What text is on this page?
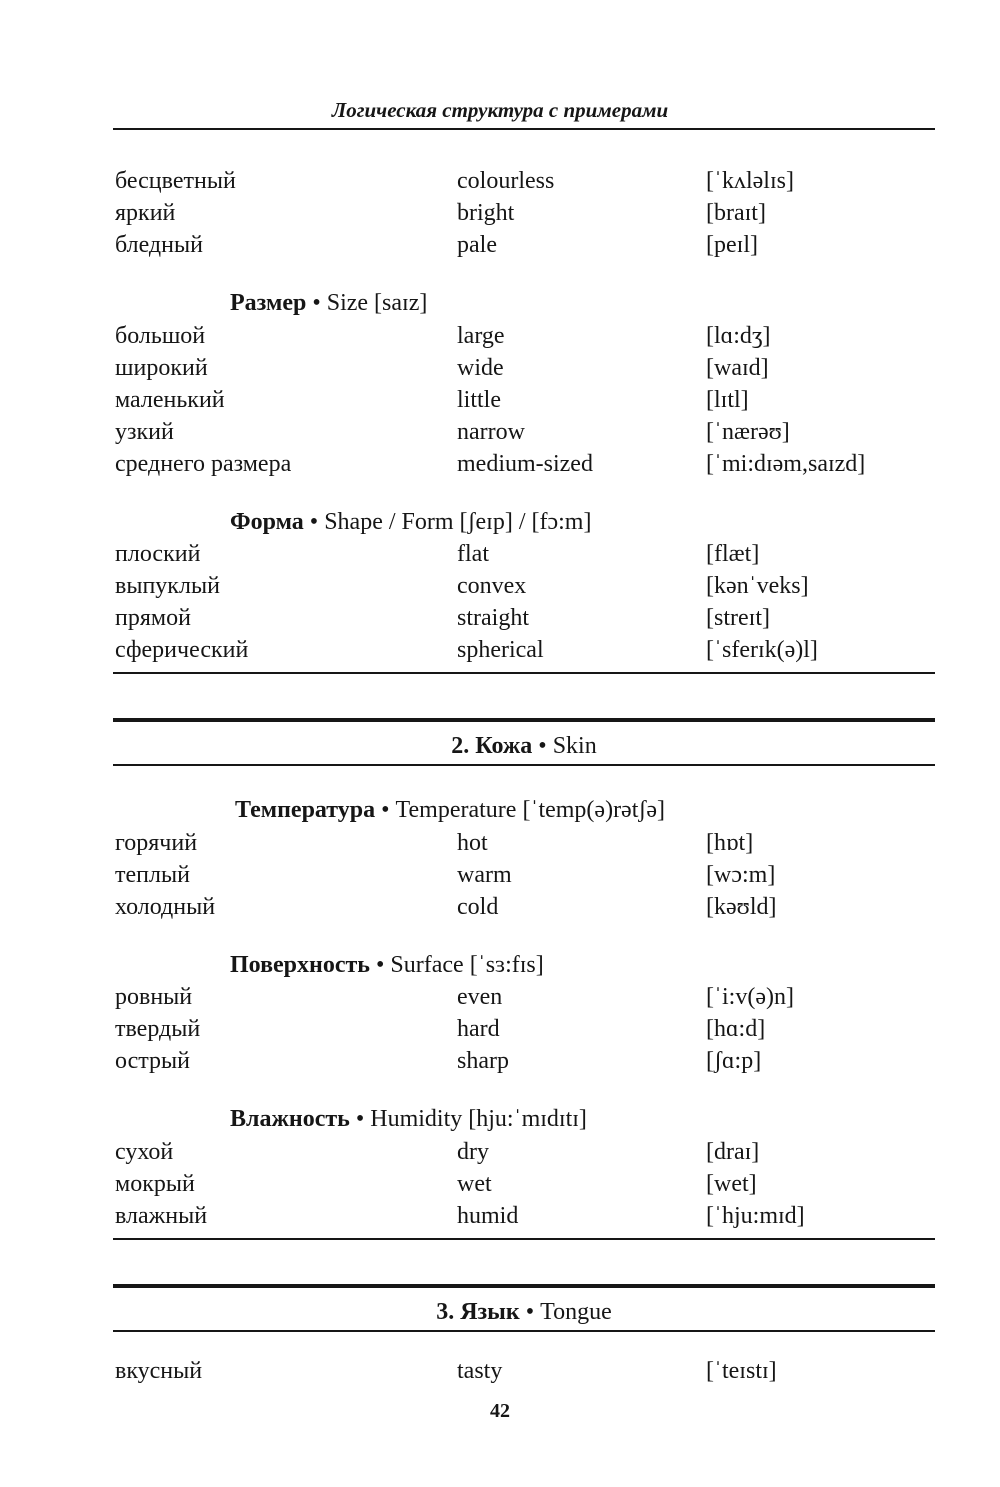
Логическая структура с примерами
бесцветный	colourless	[ˈkʌləlɪs]
яркий	bright	[braɪt]
бледный	pale	[peɪl]
Размер • Size [saɪz]
большой	large	[lɑ:dʒ]
широкий	wide	[waɪd]
маленький	little	[lɪtl]
узкий	narrow	[ˈnærəʊ]
среднего размера	medium-sized	[ˈmi:dɪəm,saɪzd]
Форма • Shape / Form [ʃeɪp] / [fɔ:m]
плоский	flat	[flæt]
выпуклый	convex	[kənˈveks]
прямой	straight	[streɪt]
сферический	spherical	[ˈsferɪk(ə)l]
2. Кожа • Skin
Температура • Temperature [ˈtemp(ə)rətʃə]
горячий	hot	[hɒt]
теплый	warm	[wɔ:m]
холодный	cold	[kəʊld]
Поверхность • Surface [ˈsɜ:fɪs]
ровный	even	[ˈi:v(ə)n]
твердый	hard	[hɑ:d]
острый	sharp	[ʃɑ:p]
Влажность • Humidity [hju:ˈmɪdɪtɪ]
сухой	dry	[draɪ]
мокрый	wet	[wet]
влажный	humid	[ˈhju:mɪd]
3. Язык • Tongue
вкусный	tasty	[ˈteɪstɪ]
42
